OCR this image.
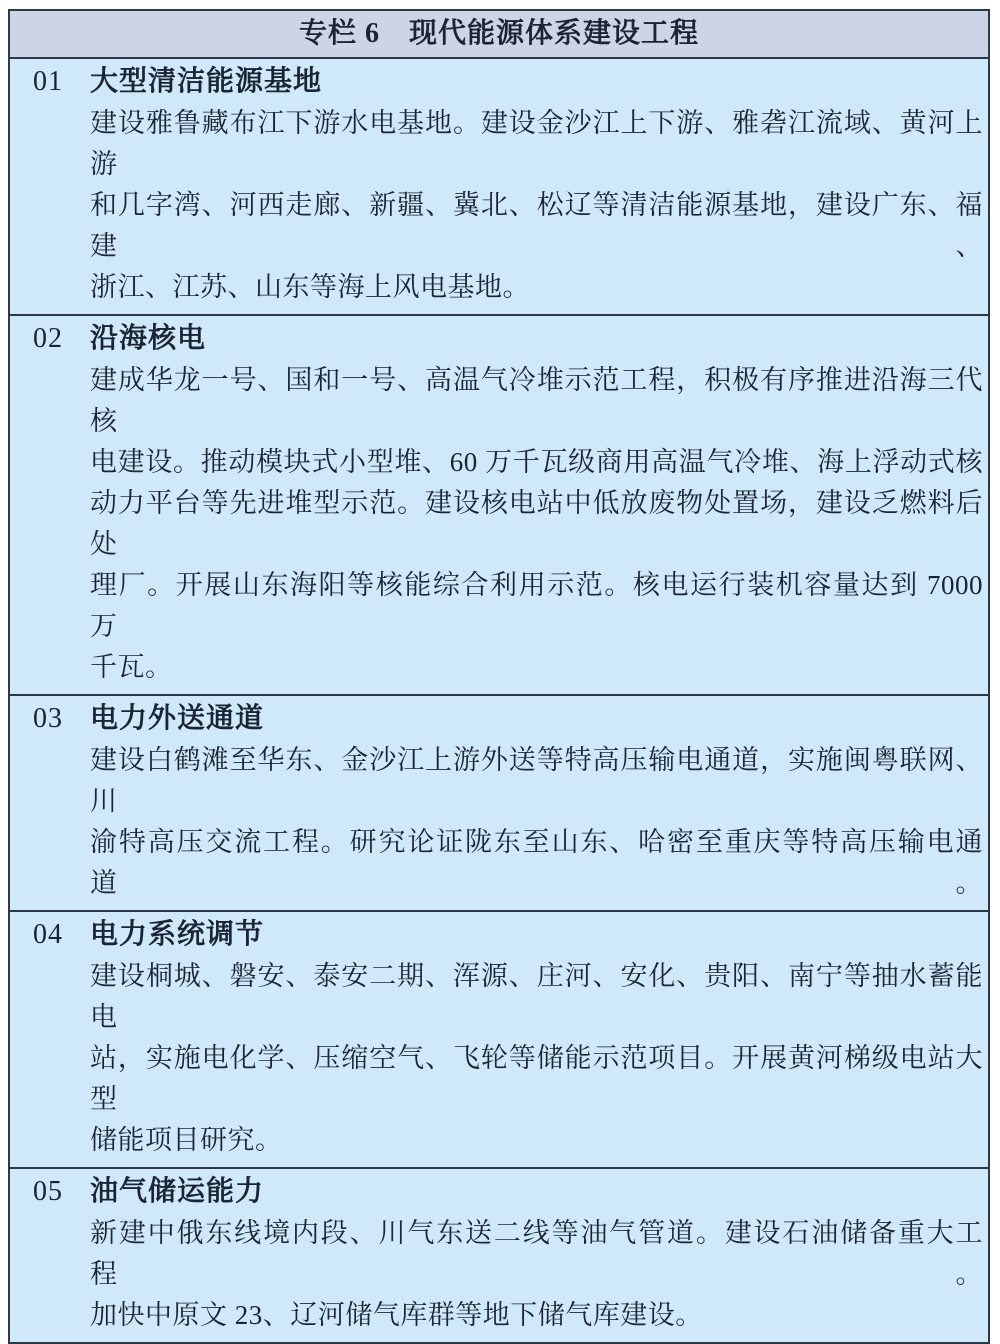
专栏 6　现代能源体系建设工程
01 大型清洁能源基地
建设雅鲁藏布江下游水电基地。建设金沙江上下游、雅砻江流域、黄河上游
和几字湾、河西走廊、新疆、冀北、松辽等清洁能源基地，建设广东、福建、
浙江、江苏、山东等海上风电基地。
02 沿海核电
建成华龙一号、国和一号、高温气冷堆示范工程，积极有序推进沿海三代核
电建设。推动模块式小型堆、60 万千瓦级商用高温气冷堆、海上浮动式核
动力平台等先进堆型示范。建设核电站中低放废物处置场，建设乏燃料后处
理厂。开展山东海阳等核能综合利用示范。核电运行装机容量达到 7000 万
千瓦。
03 电力外送通道
建设白鹤滩至华东、金沙江上游外送等特高压输电通道，实施闽粤联网、川
渝特高压交流工程。研究论证陇东至山东、哈密至重庆等特高压输电通道。
04 电力系统调节
建设桐城、磐安、泰安二期、浑源、庄河、安化、贵阳、南宁等抽水蓄能电
站，实施电化学、压缩空气、飞轮等储能示范项目。开展黄河梯级电站大型
储能项目研究。
05 油气储运能力
新建中俄东线境内段、川气东送二线等油气管道。建设石油储备重大工程。
加快中原文 23、辽河储气库群等地下储气库建设。
